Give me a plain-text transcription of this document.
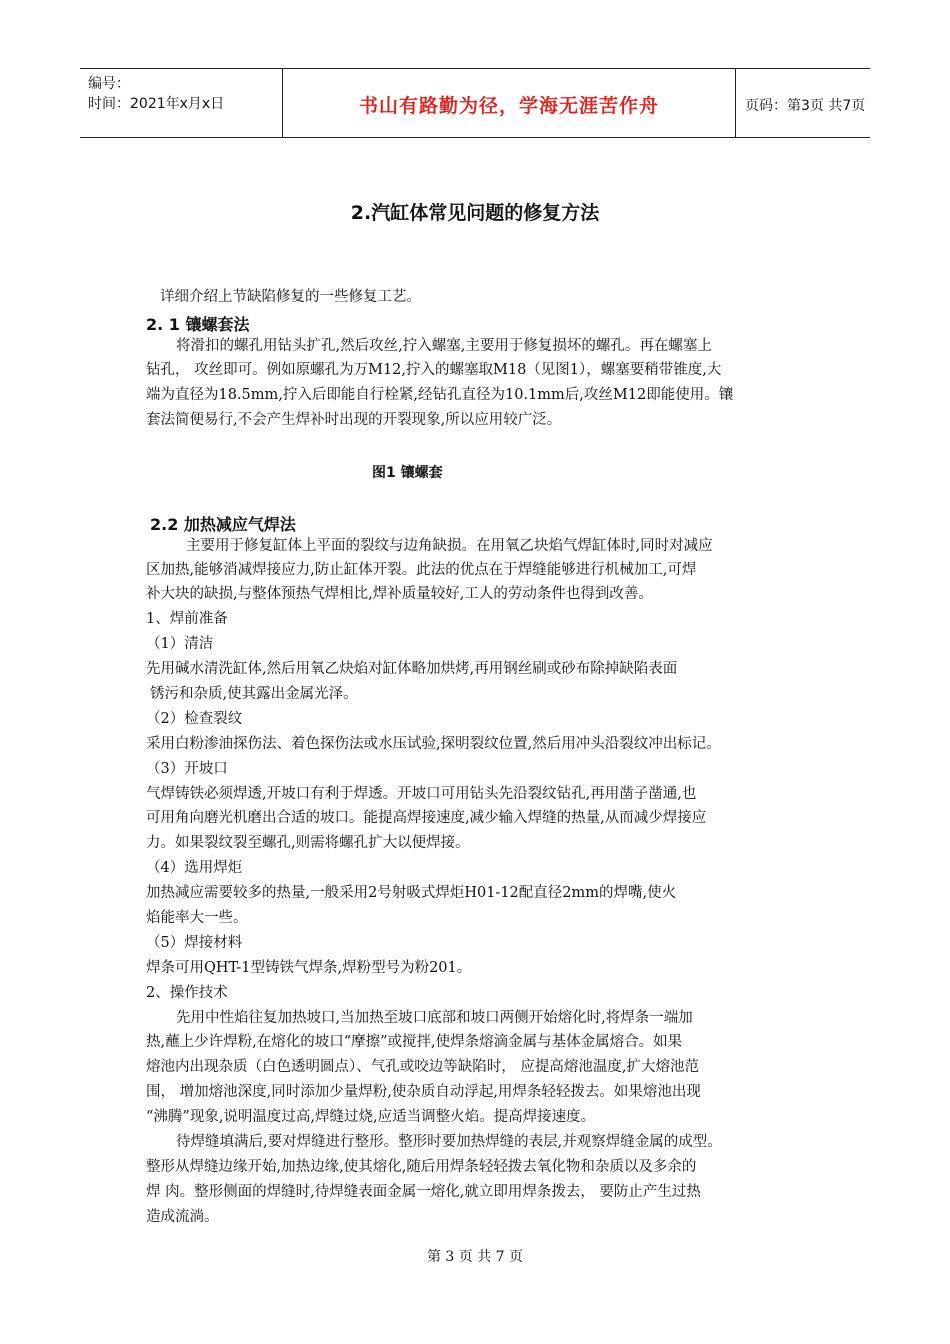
编号：
时间：2021年x月x日	书山有路勤为径，学海无涯苦作舟	页码：第3页 共7页
2.汽缸体常见问题的修复方法
详细介绍上节缺陷修复的一些修复工艺。
2. 1 镶螺套法
将滑扣的螺孔用钻头扩孔,然后攻丝,拧入螺塞,主要用于修复损坏的螺孔。再在螺塞上
钻孔， 攻丝即可。例如原螺孔为万M12,拧入的螺塞取M18（见图1），螺塞要稍带锥度,大
端为直径为18.5mm,拧入后即能自行栓紧,经钻孔直径为10.1mm后,攻丝M12即能使用。镶
套法简便易行,不会产生焊补时出现的开裂现象,所以应用较广泛。
图1 镶螺套
2.2 加热减应气焊法
主要用于修复缸体上平面的裂纹与边角缺损。在用氧乙块焰气焊缸体时,同时对减应
区加热,能够消减焊接应力,防止缸体开裂。此法的优点在于焊缝能够进行机械加工,可焊
补大块的缺损,与整体预热气焊相比,焊补质量较好,工人的劳动条件也得到改善。
1、焊前准备
（1）清洁
先用碱水清洗缸体,然后用氧乙炔焰对缸体略加烘烤,再用钢丝刷或砂布除掉缺陷表面
锈污和杂质,使其露出金属光泽。
（2）检查裂纹
采用白粉渗油探伤法、着色探伤法或水压试验,探明裂纹位置,然后用冲头沿裂纹冲出标记。
（3）开坡口
气焊铸铁必须焊透,开坡口有利于焊透。开坡口可用钻头先沿裂纹钻孔,再用凿子凿通,也
可用角向磨光机磨出合适的坡口。能提高焊接速度,减少输入焊缝的热量,从而减少焊接应
力。如果裂纹裂至螺孔,则需将螺孔扩大以便焊接。
（4）选用焊炬
加热减应需要较多的热量,一般采用2号射吸式焊炬H01-12配直径2mm的焊嘴,使火
焰能率大一些。
（5）焊接材料
焊条可用QHT-1型铸铁气焊条,焊粉型号为粉201。
2、操作技术
先用中性焰往复加热坡口,当加热至坡口底部和坡口两侧开始熔化时,将焊条一端加
热,蘸上少许焊粉,在熔化的坡口“摩擦”或搅拌,使焊条熔滴金属与基体金属熔合。如果
熔池内出现杂质（白色透明圆点）、气孔或咬边等缺陷时， 应提高熔池温度,扩大熔池范
围， 增加熔池深度,同时添加少量焊粉,使杂质自动浮起,用焊条轻轻拨去。如果熔池出现
“沸腾”现象,说明温度过高,焊缝过烧,应适当调整火焰。提高焊接速度。
待焊缝填满后,要对焊缝进行整形。整形时要加热焊缝的表层,并观察焊缝金属的成型。
整形从焊缝边缘开始,加热边缘,使其熔化,随后用焊条轻轻拨去氧化物和杂质以及多余的
焊 肉。整形侧面的焊缝时,待焊缝表面金属一熔化,就立即用焊条拨去， 要防止产生过热
造成流淌。
第 3 页 共 7 页
